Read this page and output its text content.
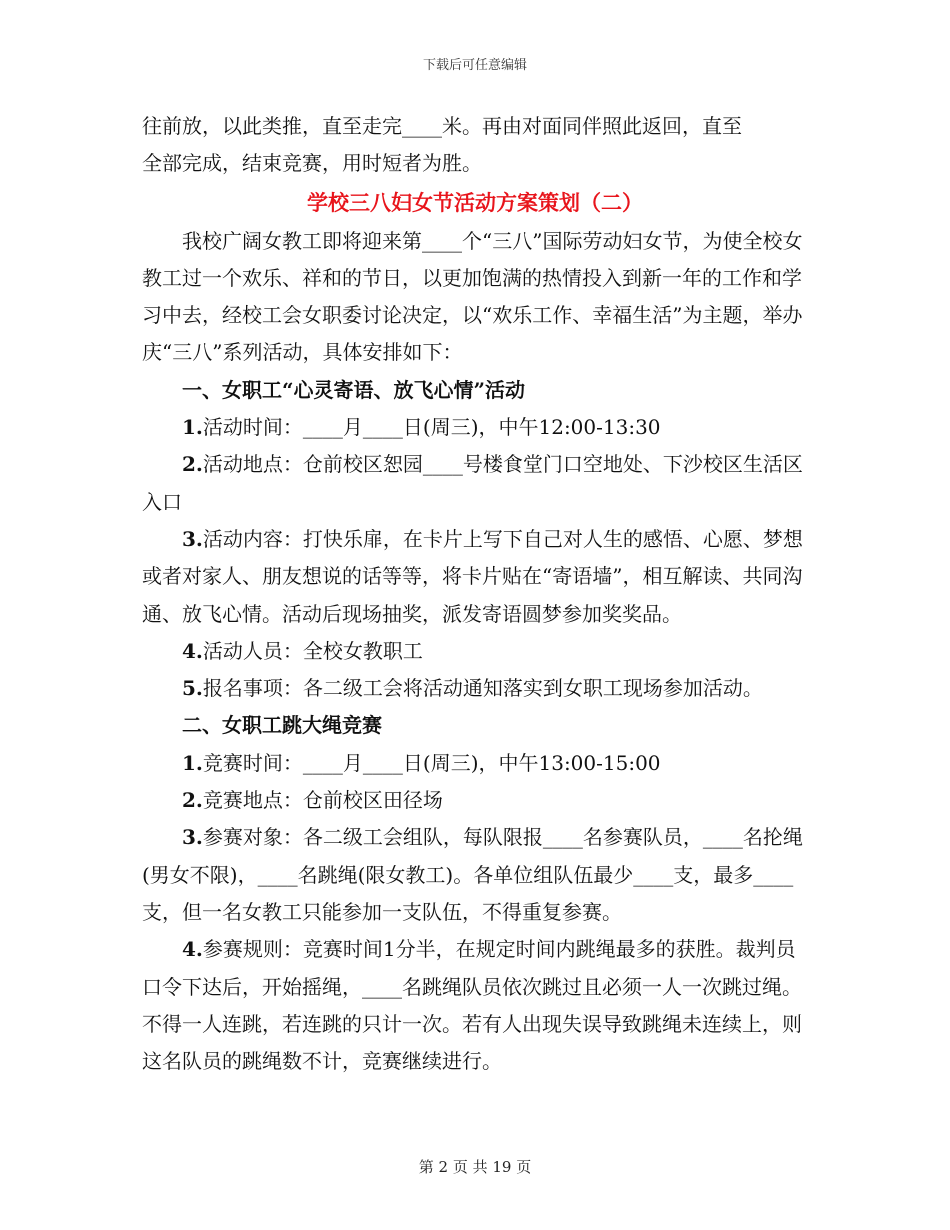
下载后可任意编辑

往前放，以此类推，直至走完____米。再由对面同伴照此返回，直至

全部完成，结束竞赛，用时短者为胜。

学校三八妇女节活动方案策划（二）

我校广阔女教工即将迎来第____个“三八”国际劳动妇女节，为使全校女教工过一个欢乐、祥和的节日，以更加饱满的热情投入到新一年的工作和学习中去，经校工会女职委讨论决定，以“欢乐工作、幸福生活”为主题，举办庆“三八”系列活动，具体安排如下：

一、女职工“心灵寄语、放飞心情”活动

1.活动时间：____月____日(周三)，中午12:00-13:30

2.活动地点：仓前校区恕园____号楼食堂门口空地处、下沙校区生活区入口

3.活动内容：打快乐扉，在卡片上写下自己对人生的感悟、心愿、梦想或者对家人、朋友想说的话等等，将卡片贴在“寄语墙”，相互解读、共同沟通、放飞心情。活动后现场抽奖，派发寄语圆梦参加奖奖品。

4.活动人员：全校女教职工

5.报名事项：各二级工会将活动通知落实到女职工现场参加活动。

二、女职工跳大绳竞赛

1.竞赛时间：____月____日(周三)，中午13:00-15:00

2.竞赛地点：仓前校区田径场

3.参赛对象：各二级工会组队，每队限报____名参赛队员，____名抡绳(男女不限)，____名跳绳(限女教工)。各单位组队伍最少____支，最多____支，但一名女教工只能参加一支队伍，不得重复参赛。

4.参赛规则：竞赛时间1分半，在规定时间内跳绳最多的获胜。裁判员口令下达后，开始摇绳，____名跳绳队员依次跳过且必须一人一次跳过绳。不得一人连跳，若连跳的只计一次。若有人出现失误导致跳绳未连续上，则这名队员的跳绳数不计，竞赛继续进行。

第 2 页 共 19 页
